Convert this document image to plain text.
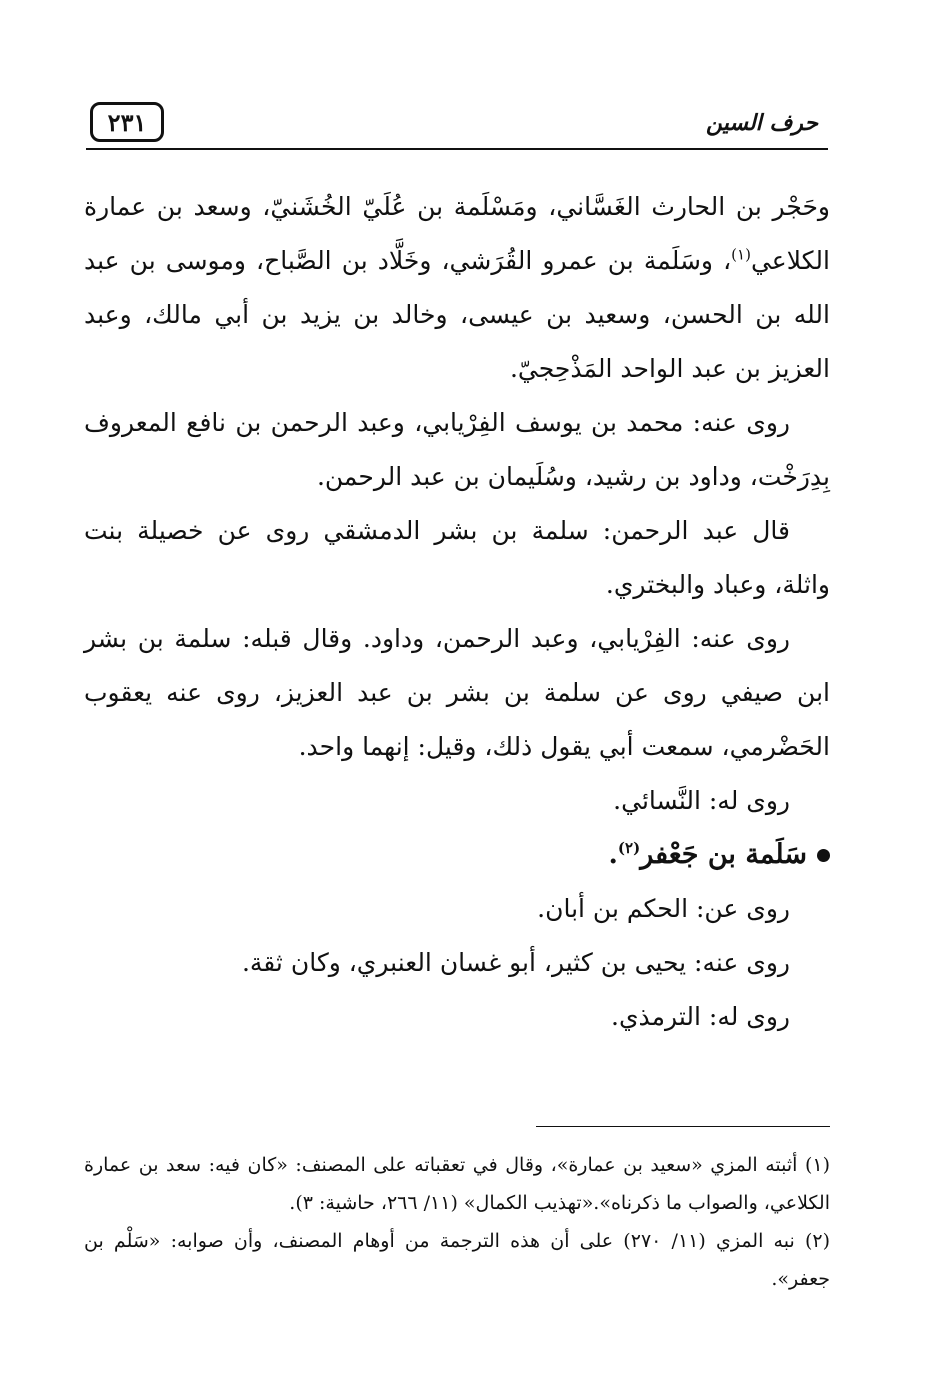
٢٣١	حرف السين

وحَجْر بن الحارث الغَسَّاني، ومَسْلَمة بن عُلَيّ الخُشَنيّ، وسعد بن عمارة الكلاعي$^{(١)}$، وسَلَمة بن عمرو القُرَشي، وخَلَّاد بن الصَّباح، وموسى بن عبد الله بن الحسن، وسعيد بن عيسى، وخالد بن يزيد بن أبي مالك، وعبد العزيز بن عبد الواحد المَذْحِجيّ.

روى عنه: محمد بن يوسف الفِرْيابي، وعبد الرحمن بن نافع المعروف بِدِرَخْت، وداود بن رشيد، وسُلَيمان بن عبد الرحمن.

قال عبد الرحمن: سلمة بن بشر الدمشقي روى عن خصيلة بنت واثلة، وعباد والبختري.

روى عنه: الفِرْيابي، وعبد الرحمن، وداود. وقال قبله: سلمة بن بشر ابن صيفي روى عن سلمة بن بشر بن عبد العزيز، روى عنه يعقوب الحَضْرمي، سمعت أبي يقول ذلك، وقيل: إنهما واحد.

روى له: النَّسائي.

سَلَمة بن جَعْفر$^{(٢)}$.

روى عن: الحكم بن أبان.

روى عنه: يحيى بن كثير، أبو غسان العنبري، وكان ثقة.

روى له: الترمذي.

(١) أثبته المزي «سعيد بن عمارة»، وقال في تعقباته على المصنف: «كان فيه: سعد بن عمارة الكلاعي، والصواب ما ذكرناه».«تهذيب الكمال» (١١/ ٢٦٦، حاشية: ٣).

(٢) نبه المزي (١١/ ٢٧٠) على أن هذه الترجمة من أوهام المصنف، وأن صوابه: «سَلْم بن جعفر».
